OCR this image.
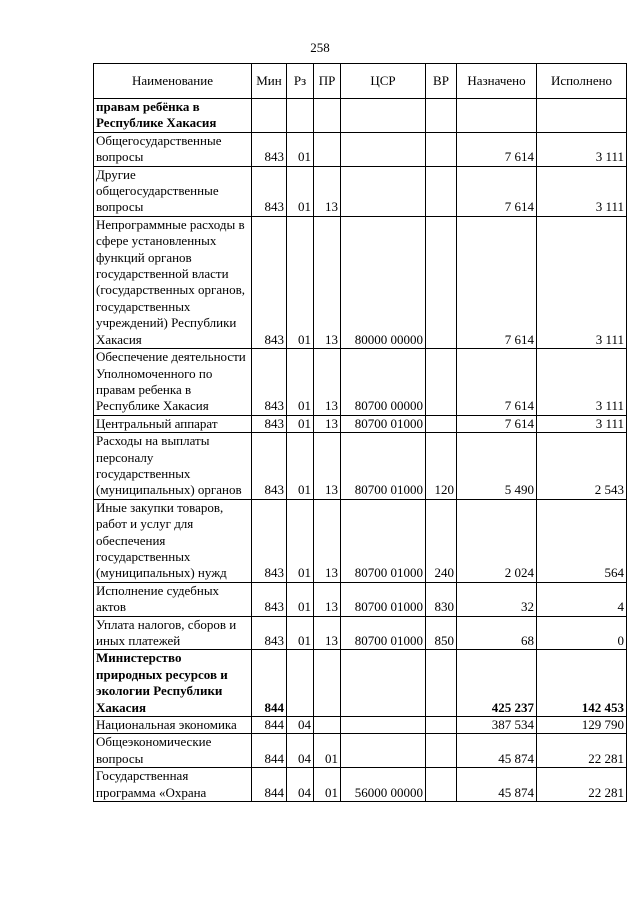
258
Наименование	Мин	Рз	ПР	ЦСР	ВР	Назначено	Исполнено
правам ребёнка в Республике Хакасия							
Общегосударственные вопросы	843	01				7 614	3 111
Другие общегосударственные вопросы	843	01	13			7 614	3 111
Непрограммные расходы в сфере установленных функций органов государственной власти (государственных органов, государственных учреждений) Республики Хакасия	843	01	13	80000 00000		7 614	3 111
Обеспечение деятельности Уполномоченного по правам ребенка в Республике Хакасия	843	01	13	80700 00000		7 614	3 111
Центральный аппарат	843	01	13	80700 01000		7 614	3 111
Расходы на выплаты персоналу государственных (муниципальных) органов	843	01	13	80700 01000	120	5 490	2 543
Иные закупки товаров, работ и услуг для обеспечения государственных (муниципальных) нужд	843	01	13	80700 01000	240	2 024	564
Исполнение судебных актов	843	01	13	80700 01000	830	32	4
Уплата налогов, сборов и иных платежей	843	01	13	80700 01000	850	68	0
Министерство природных ресурсов и экологии Республики Хакасия	844					425 237	142 453
Национальная экономика	844	04				387 534	129 790
Общеэкономические вопросы	844	04	01			45 874	22 281
Государственная программа «Охрана	844	04	01	56000 00000		45 874	22 281
